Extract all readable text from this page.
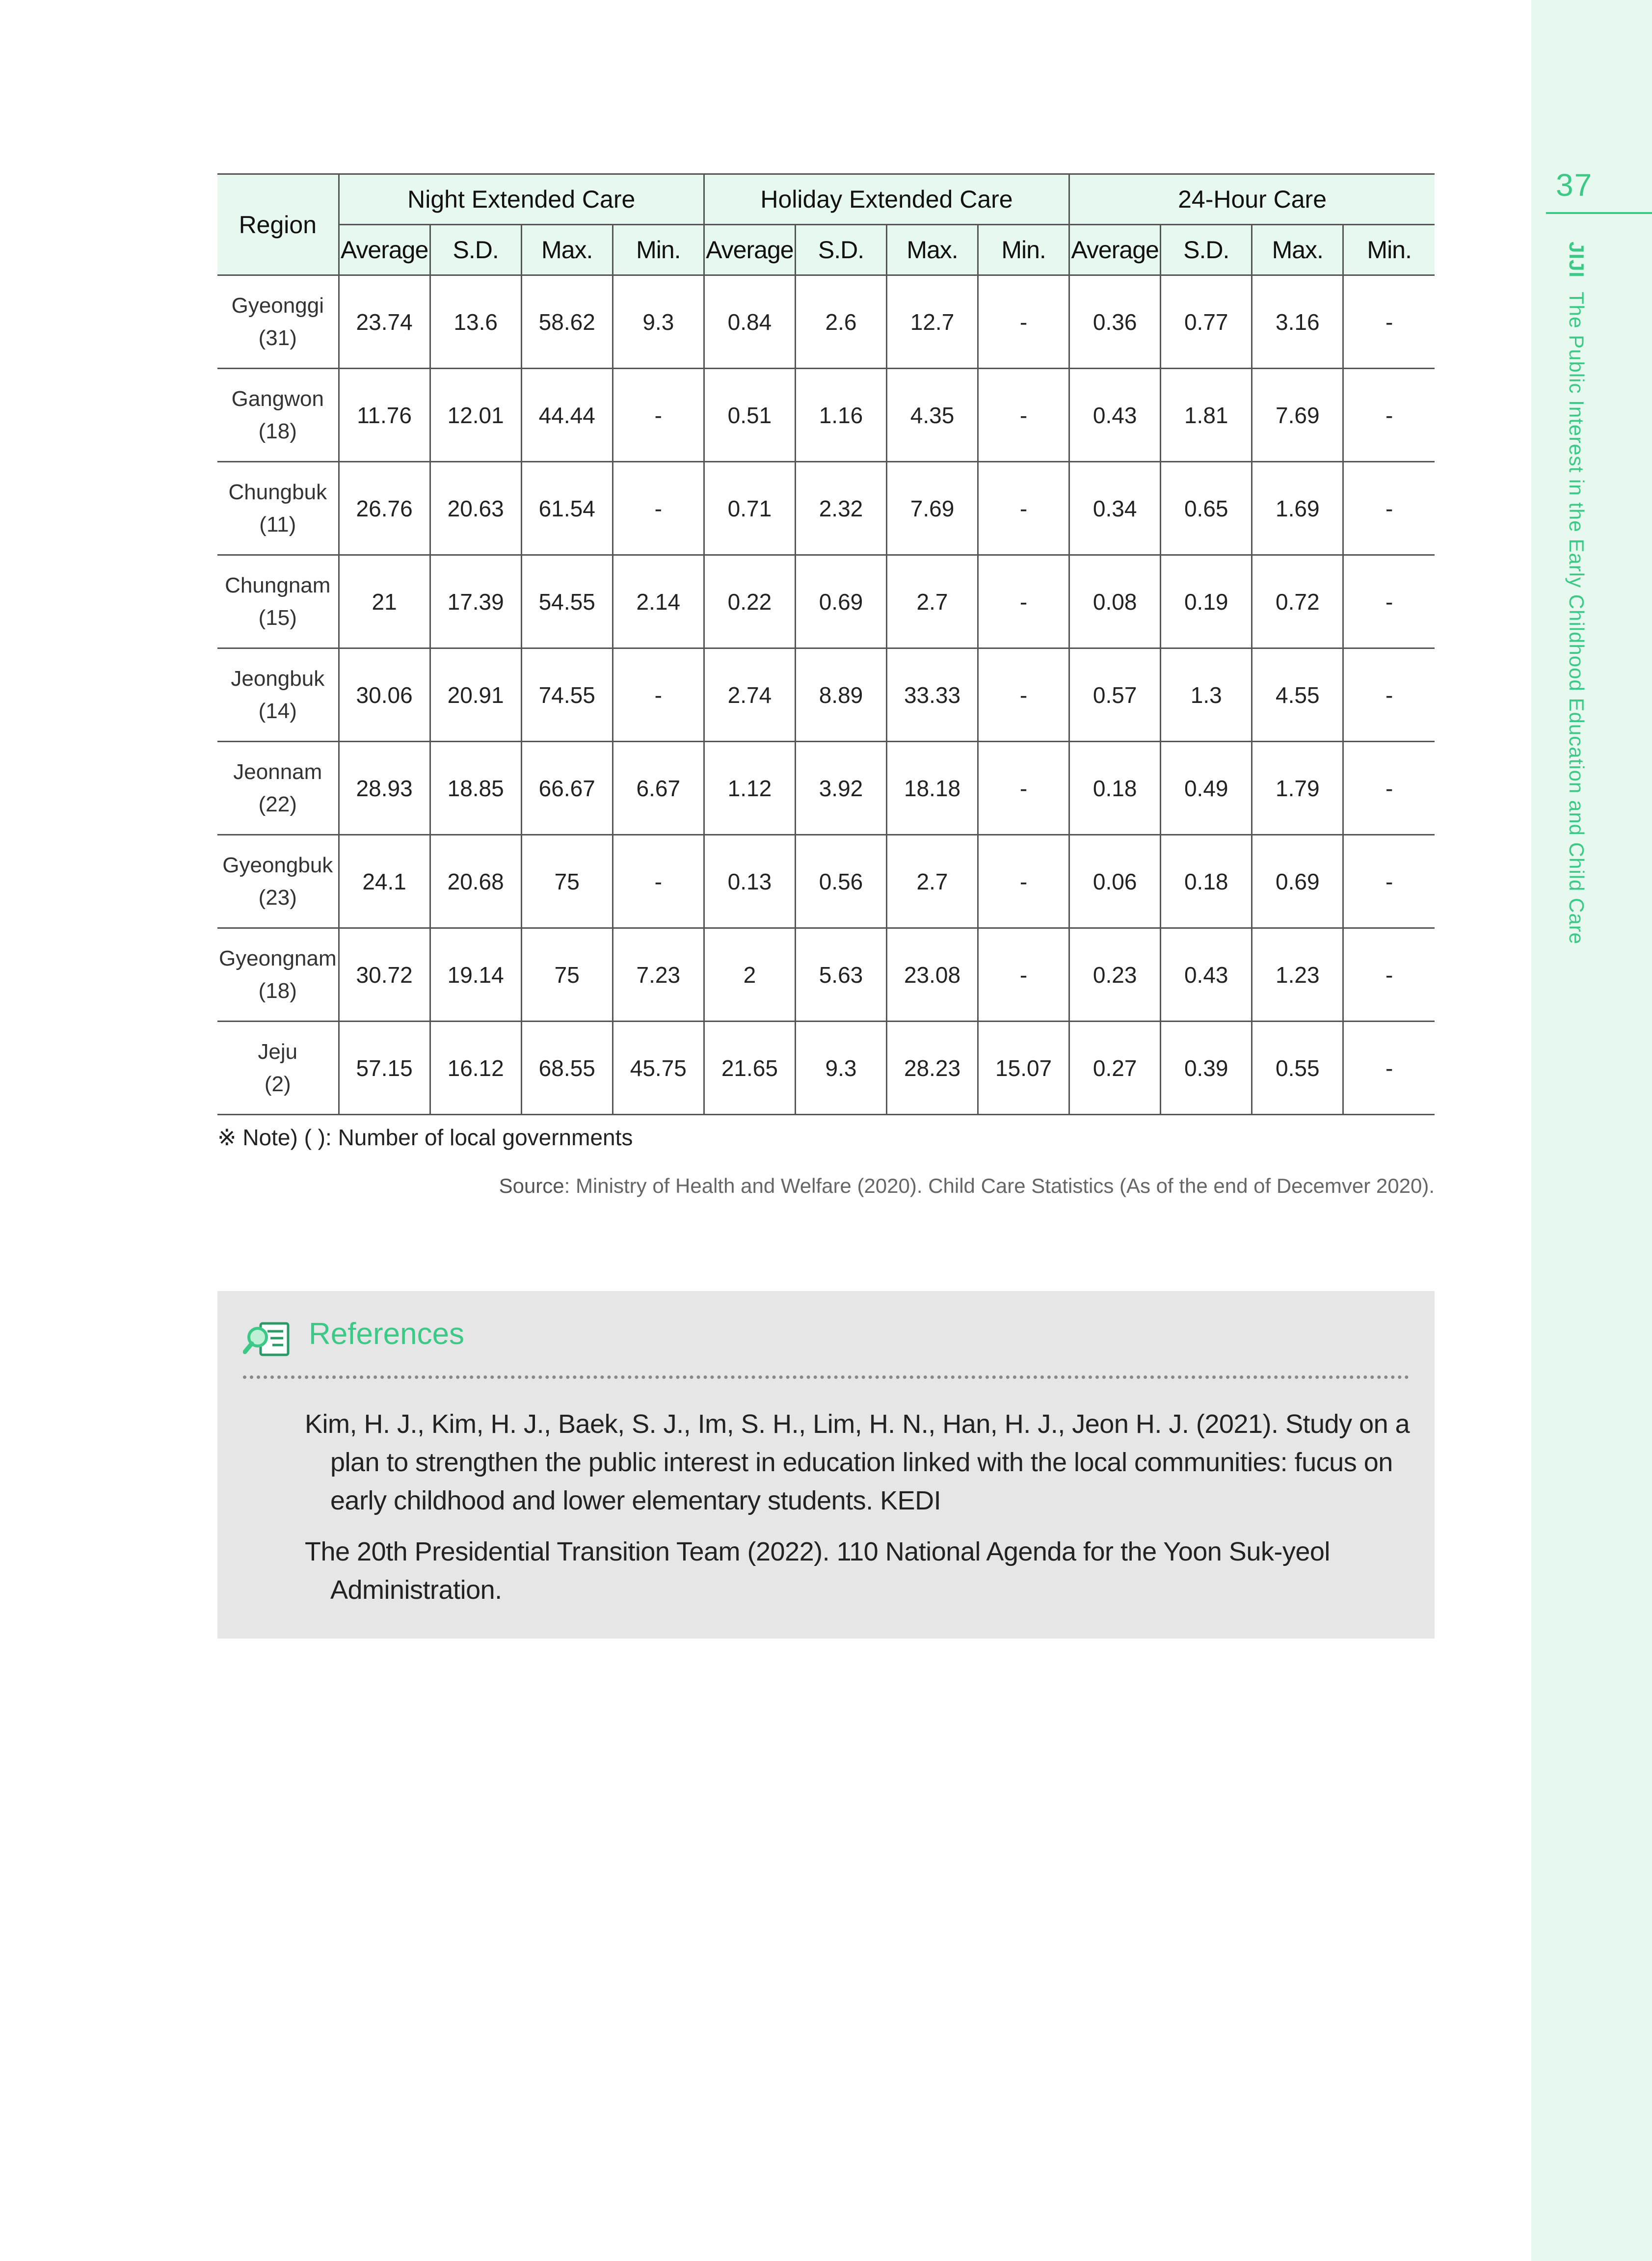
37
JIJIThe Public Interest in the Early Childhood Education and Child Care
Region	Night Extended Care				Holiday Extended Care				24-Hour Care			
	Average	S.D.	Max.	Min.	Average	S.D.	Max.	Min.	Average	S.D.	Max.	Min.

Gyeonggi
(31)	23.74	13.6	58.62	9.3	0.84	2.6	12.7	-	0.36	0.77	3.16	-

Gangwon
(18)	11.76	12.01	44.44	-	0.51	1.16	4.35	-	0.43	1.81	7.69	-

Chungbuk
(11)	26.76	20.63	61.54	-	0.71	2.32	7.69	-	0.34	0.65	1.69	-

Chungnam
(15)	21	17.39	54.55	2.14	0.22	0.69	2.7	-	0.08	0.19	0.72	-

Jeongbuk
(14)	30.06	20.91	74.55	-	2.74	8.89	33.33	-	0.57	1.3	4.55	-

Jeonnam
(22)	28.93	18.85	66.67	6.67	1.12	3.92	18.18	-	0.18	0.49	1.79	-

Gyeongbuk
(23)	24.1	20.68	75	-	0.13	0.56	2.7	-	0.06	0.18	0.69	-

Gyeongnam
(18)	30.72	19.14	75	7.23	2	5.63	23.08	-	0.23	0.43	1.23	-

Jeju
(2)	57.15	16.12	68.55	45.75	21.65	9.3	28.23	15.07	0.27	0.39	0.55	-
※ Note) ( ): Number of local governments
Source: Ministry of Health and Welfare (2020). Child Care Statistics (As of the end of Decemver 2020).
References
Kim, H. J., Kim, H. J., Baek, S. J., Im, S. H., Lim, H. N., Han, H. J., Jeon H. J. (2021). Study on a plan to strengthen the public interest in education linked with the local communities: fucus on early childhood and lower elementary students. KEDI
The 20th Presidential Transition Team (2022). 110 National Agenda for the Yoon Suk-yeol Administration.
